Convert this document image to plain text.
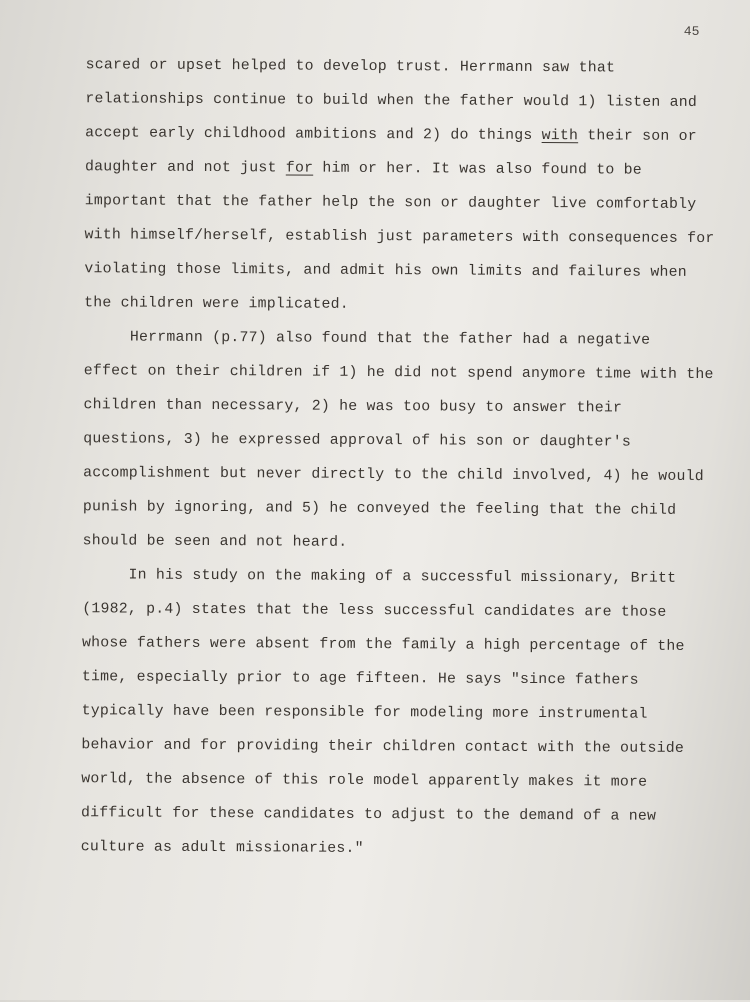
45

scared or upset helped to develop trust. Herrmann saw that relationships continue to build when the father would 1) listen and accept early childhood ambitions and 2) do things with their son or daughter and not just for him or her. It was also found to be important that the father help the son or daughter live comfortably with himself/herself, establish just parameters with consequences for violating those limits, and admit his own limits and failures when the children were implicated.

Herrmann (p.77) also found that the father had a negative effect on their children if 1) he did not spend anymore time with the children than necessary, 2) he was too busy to answer their questions, 3) he expressed approval of his son or daughter's accomplishment but never directly to the child involved, 4) he would punish by ignoring, and 5) he conveyed the feeling that the child should be seen and not heard.

In his study on the making of a successful missionary, Britt (1982, p.4) states that the less successful candidates are those whose fathers were absent from the family a high percentage of the time, especially prior to age fifteen. He says "since fathers typically have been responsible for modeling more instrumental behavior and for providing their children contact with the outside world, the absence of this role model apparently makes it more difficult for these candidates to adjust to the demand of a new culture as adult missionaries."
